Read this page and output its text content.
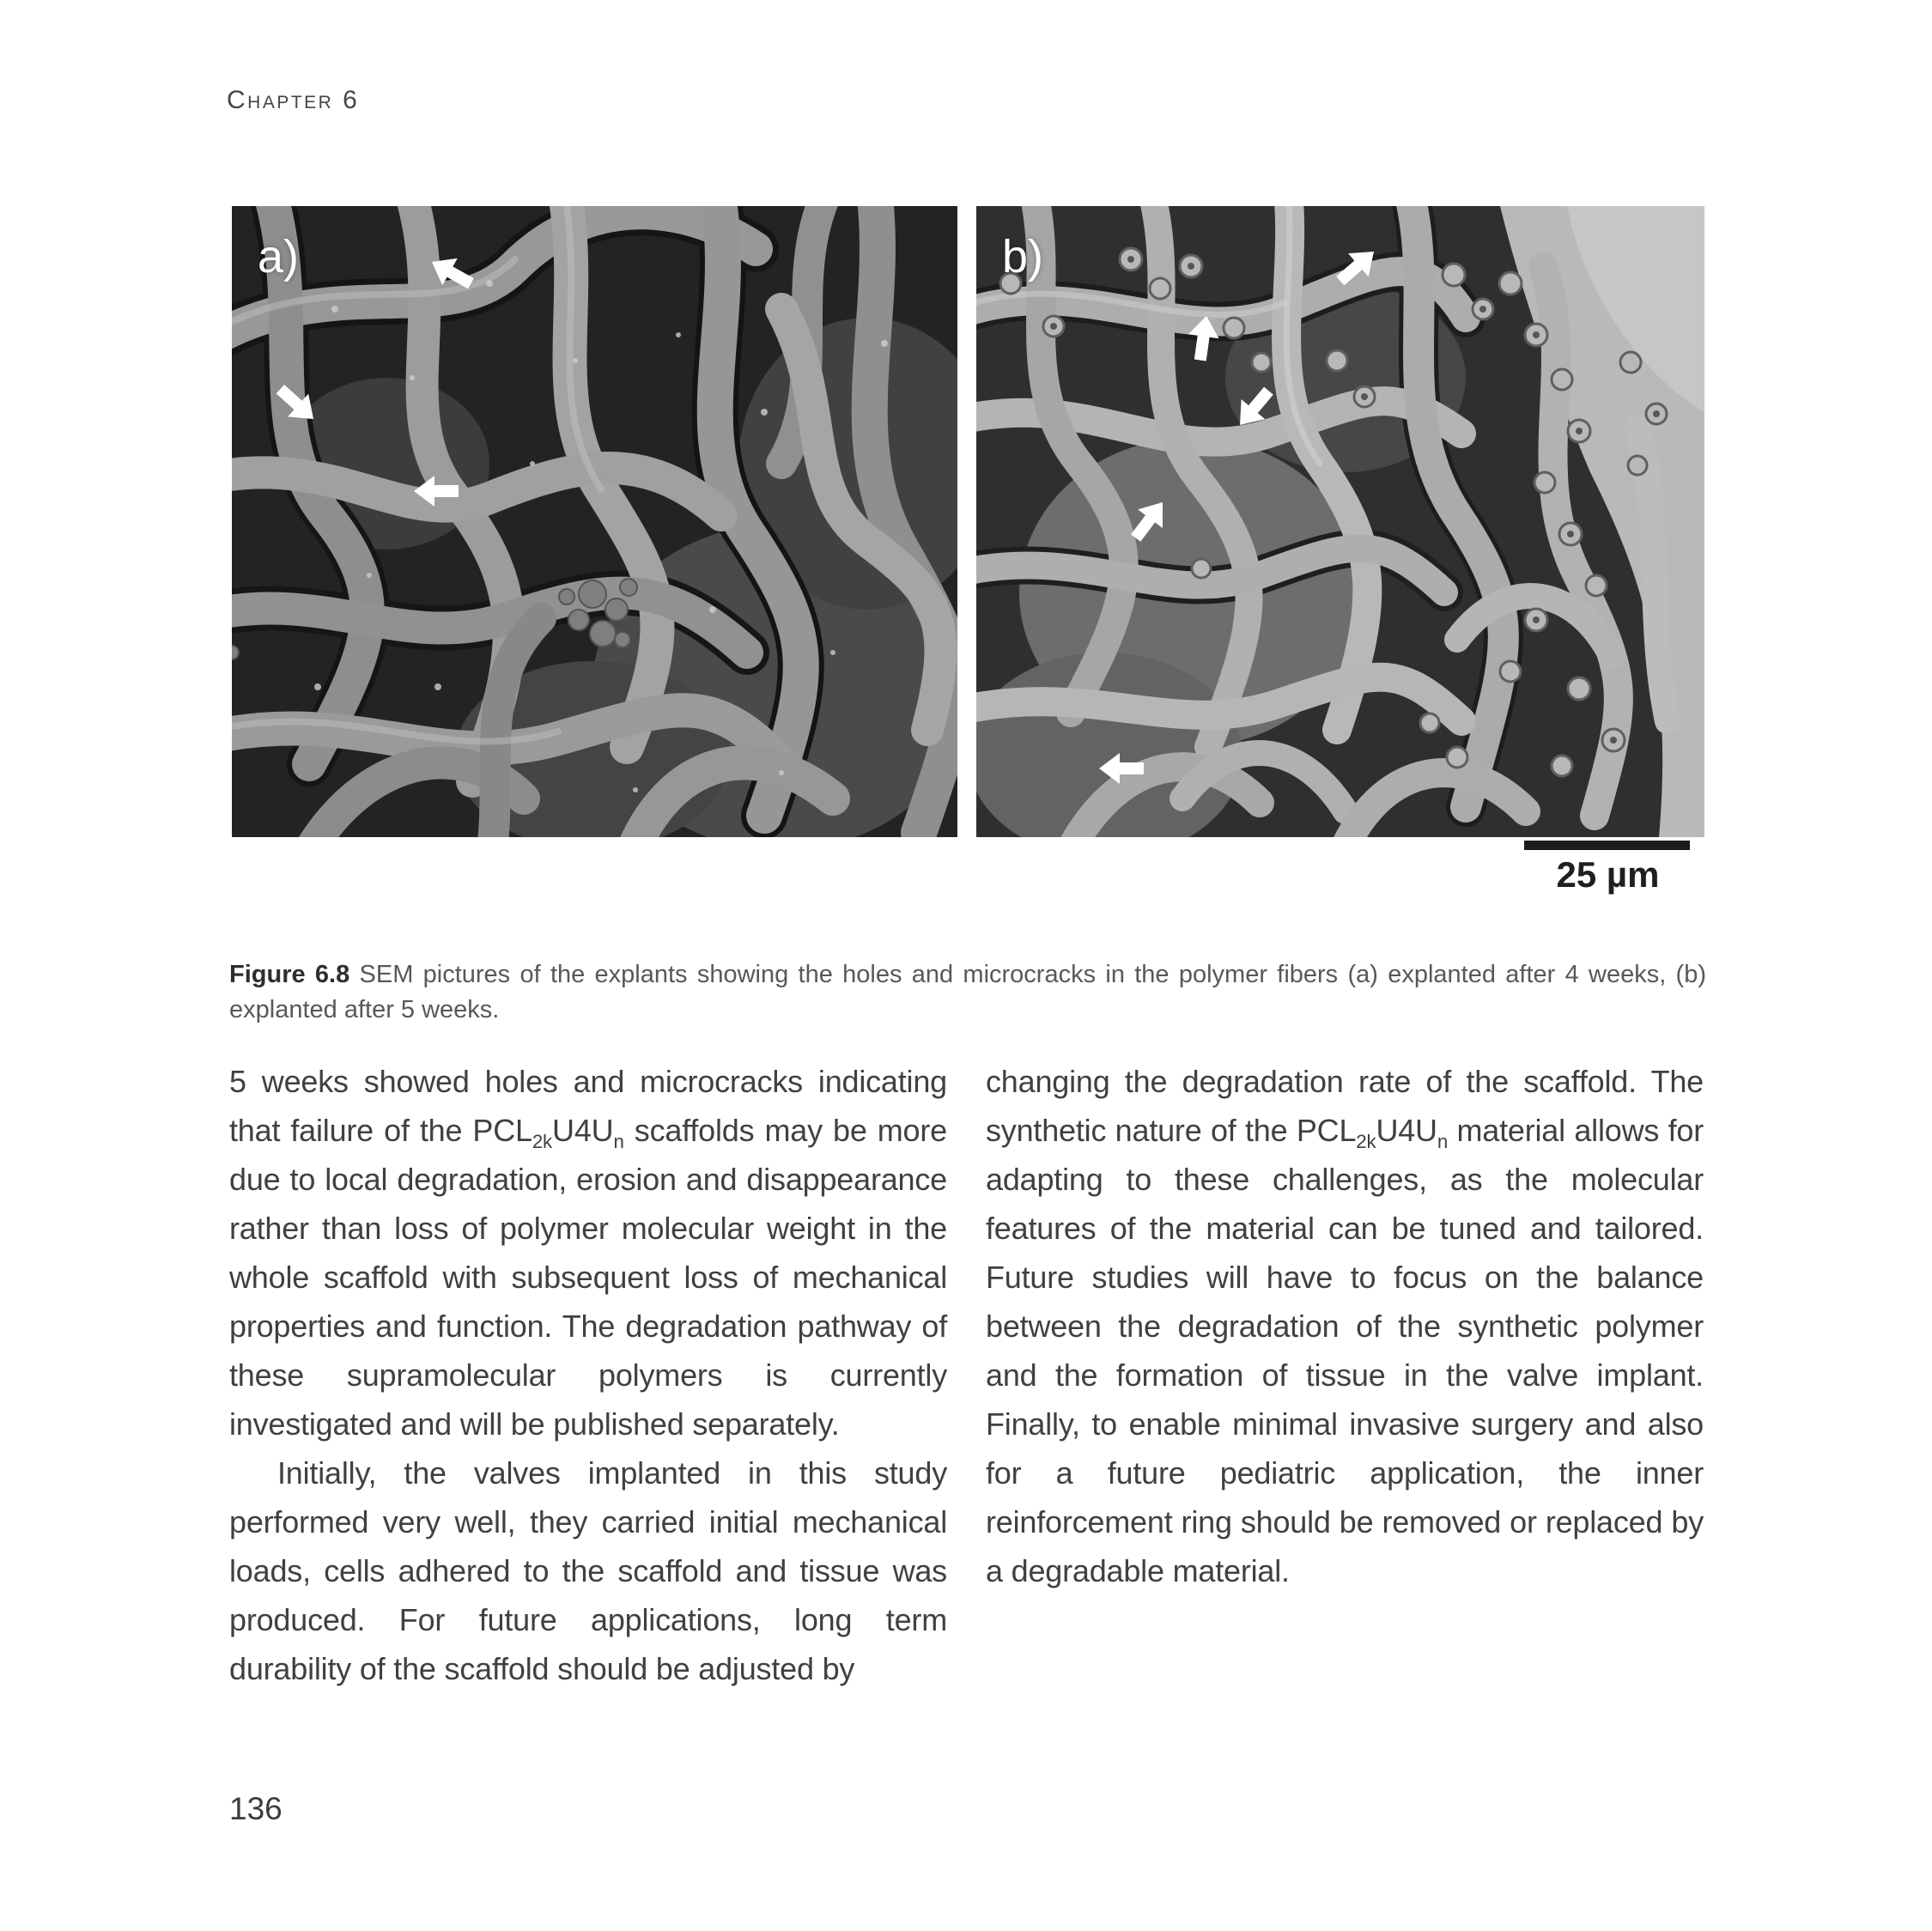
Chapter 6
a)	b)
25 µm

Figure 6.8 SEM pictures of the explants showing the holes and microcracks in the polymer fibers (a) explanted after 4 weeks, (b) explanted after 5 weeks.

5 weeks showed holes and microcracks indicating that failure of the $PCL_{2k}U4U_n$ scaffolds may be more due to local degradation, erosion and disappearance rather than loss of polymer molecular weight in the whole scaffold with subsequent loss of mechanical properties and function. The degradation pathway of these supramolecular polymers is currently investigated and will be published separately.

Initially, the valves implanted in this study performed very well, they carried initial mechanical loads, cells adhered to the scaffold and tissue was produced. For future applications, long term durability of the scaffold should be adjusted by

changing the degradation rate of the scaffold. The synthetic nature of the $PCL_{2k}U4U_n$ material allows for adapting to these challenges, as the molecular features of the material can be tuned and tailored. Future studies will have to focus on the balance between the degradation of the synthetic polymer and the formation of tissue in the valve implant. Finally, to enable minimal invasive surgery and also for a future pediatric application, the inner reinforcement ring should be removed or replaced by a degradable material.

136
